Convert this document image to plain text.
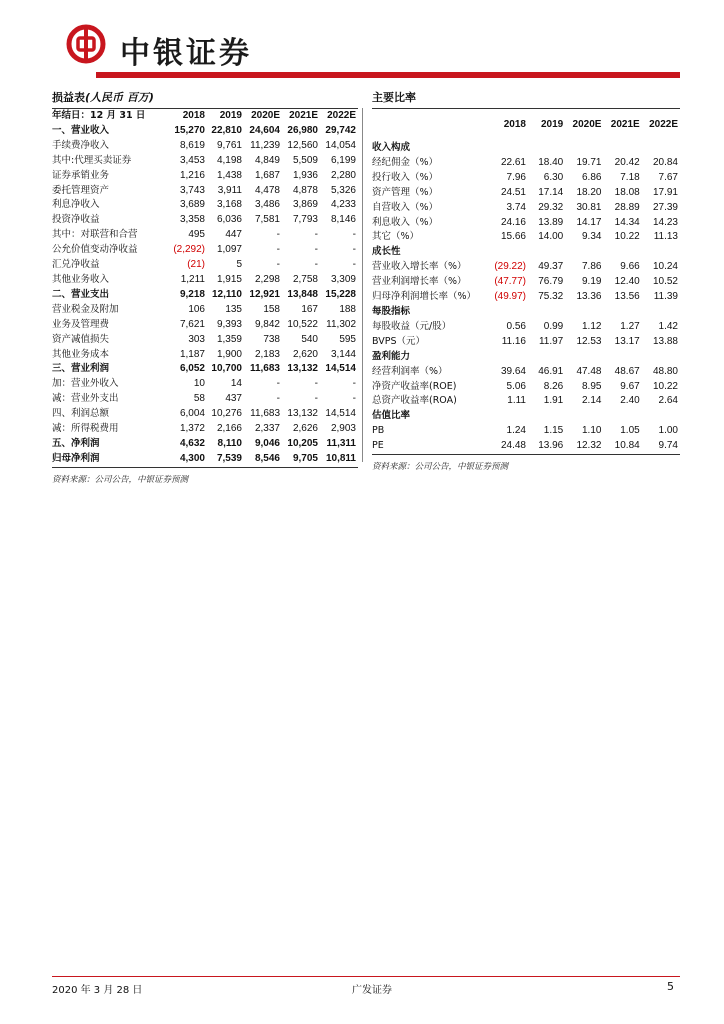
中银证券
损益表(人民币 百万)
年结日：12 月 31 日	2018	2019	2020E	2021E	2022E
一、营业收入	15,270	22,810	24,604	26,980	29,742
手续费净收入	8,619	9,761	11,239	12,560	14,054
其中:代理买卖证券	3,453	4,198	4,849	5,509	6,199
证券承销业务	1,216	1,438	1,687	1,936	2,280
委托管理资产	3,743	3,911	4,478	4,878	5,326
利息净收入	3,689	3,168	3,486	3,869	4,233
投资净收益	3,358	6,036	7,581	7,793	8,146
其中：对联营和合营	495	447	-	-	-
公允价值变动净收益	(2,292)	1,097	-	-	-
汇兑净收益	(21)	5	-	-	-
其他业务收入	1,211	1,915	2,298	2,758	3,309
二、营业支出	9,218	12,110	12,921	13,848	15,228
营业税金及附加	106	135	158	167	188
业务及管理费	7,621	9,393	9,842	10,522	11,302
资产减值损失	303	1,359	738	540	595
其他业务成本	1,187	1,900	2,183	2,620	3,144
三、营业利润	6,052	10,700	11,683	13,132	14,514
加：营业外收入	10	14	-	-	-
减：营业外支出	58	437	-	-	-
四、利润总额	6,004	10,276	11,683	13,132	14,514
减：所得税费用	1,372	2,166	2,337	2,626	2,903
五、净利润	4,632	8,110	9,046	10,205	11,311
归母净利润	4,300	7,539	8,546	9,705	10,811
资料来源：公司公告，中银证券预测
主要比率
	2018	2019	2020E	2021E	2022E
收入构成					
经纪佣金（%）	22.61	18.40	19.71	20.42	20.84
投行收入（%）	7.96	6.30	6.86	7.18	7.67
资产管理（%）	24.51	17.14	18.20	18.08	17.91
自营收入（%）	3.74	29.32	30.81	28.89	27.39
利息收入（%）	24.16	13.89	14.17	14.34	14.23
其它（%）	15.66	14.00	9.34	10.22	11.13
成长性					
营业收入增长率（%）	(29.22)	49.37	7.86	9.66	10.24
营业利润增长率（%）	(47.77)	76.79	9.19	12.40	10.52
归母净利润增长率（%）	(49.97)	75.32	13.36	13.56	11.39
每股指标					
每股收益（元/股）	0.56	0.99	1.12	1.27	1.42
BVPS（元）	11.16	11.97	12.53	13.17	13.88
盈利能力					
经营利润率（%）	39.64	46.91	47.48	48.67	48.80
净资产收益率(ROE)	5.06	8.26	8.95	9.67	10.22
总资产收益率(ROA)	1.11	1.91	2.14	2.40	2.64
估值比率					
PB	1.24	1.15	1.10	1.05	1.00
PE	24.48	13.96	12.32	10.84	9.74
资料来源：公司公告，中银证券预测
2020 年 3 月 28 日	广发证券	5
